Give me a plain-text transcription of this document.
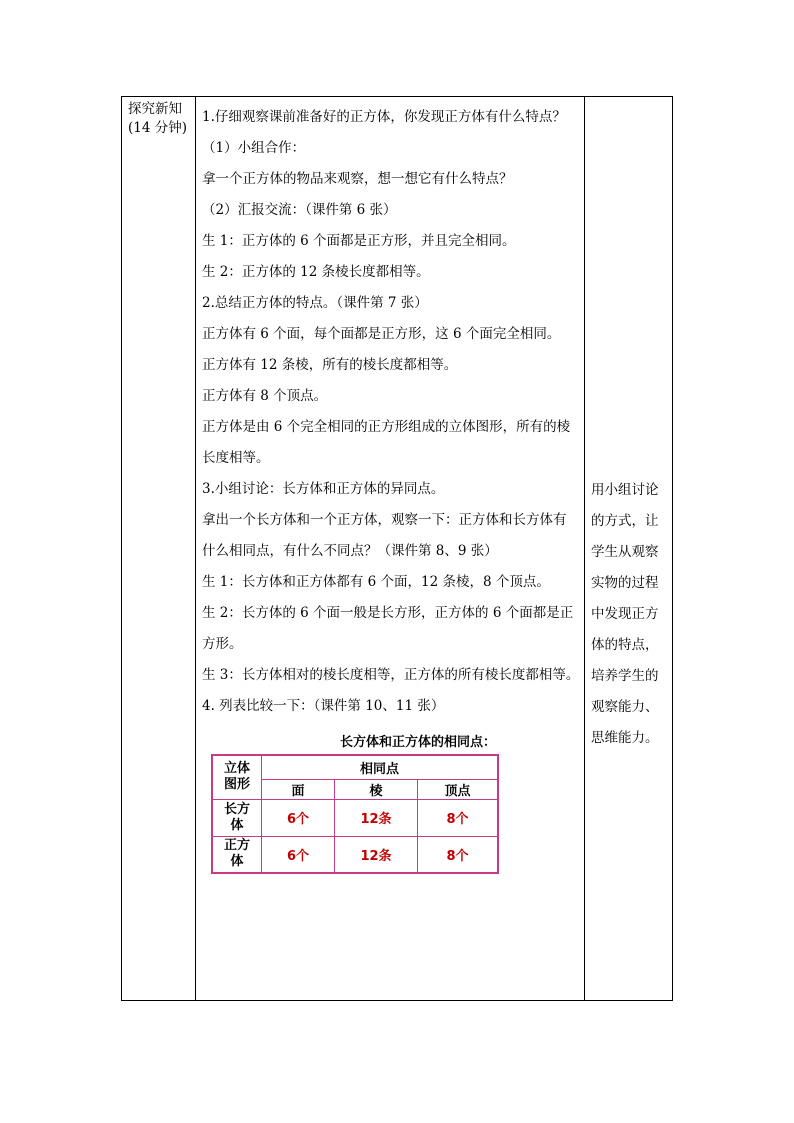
探究新知
(14 分钟)
1.仔细观察课前准备好的正方体，你发现正方体有什么特点？
（1）小组合作：
拿一个正方体的物品来观察，想一想它有什么特点？
（2）汇报交流：（课件第 6 张）
生 1：正方体的 6 个面都是正方形，并且完全相同。
生 2：正方体的 12 条棱长度都相等。
2.总结正方体的特点。（课件第 7 张）
正方体有 6 个面，每个面都是正方形，这 6 个面完全相同。
正方体有 12 条棱，所有的棱长度都相等。
正方体有 8 个顶点。
正方体是由 6 个完全相同的正方形组成的立体图形，所有的棱
长度相等。
3.小组讨论：长方体和正方体的异同点。
拿出一个长方体和一个正方体，观察一下：正方体和长方体有
什么相同点，有什么不同点？（课件第 8、9 张）
生 1：长方体和正方体都有 6 个面，12 条棱，8 个顶点。
生 2：长方体的 6 个面一般是长方形，正方体的 6 个面都是正
方形。
生 3：长方体相对的棱长度相等，正方体的所有棱长度都相等。
4. 列表比较一下：（课件第 10、11 张）
长方体和正方体的相同点：
立体
图形	相同点		
	面	棱	顶点

长方
体	6个	12条	8个

正方
体	6个	12条	8个
用小组讨论
的方式，让
学生从观察
实物的过程
中发现正方
体的特点，
培养学生的
观察能力、
思维能力。
